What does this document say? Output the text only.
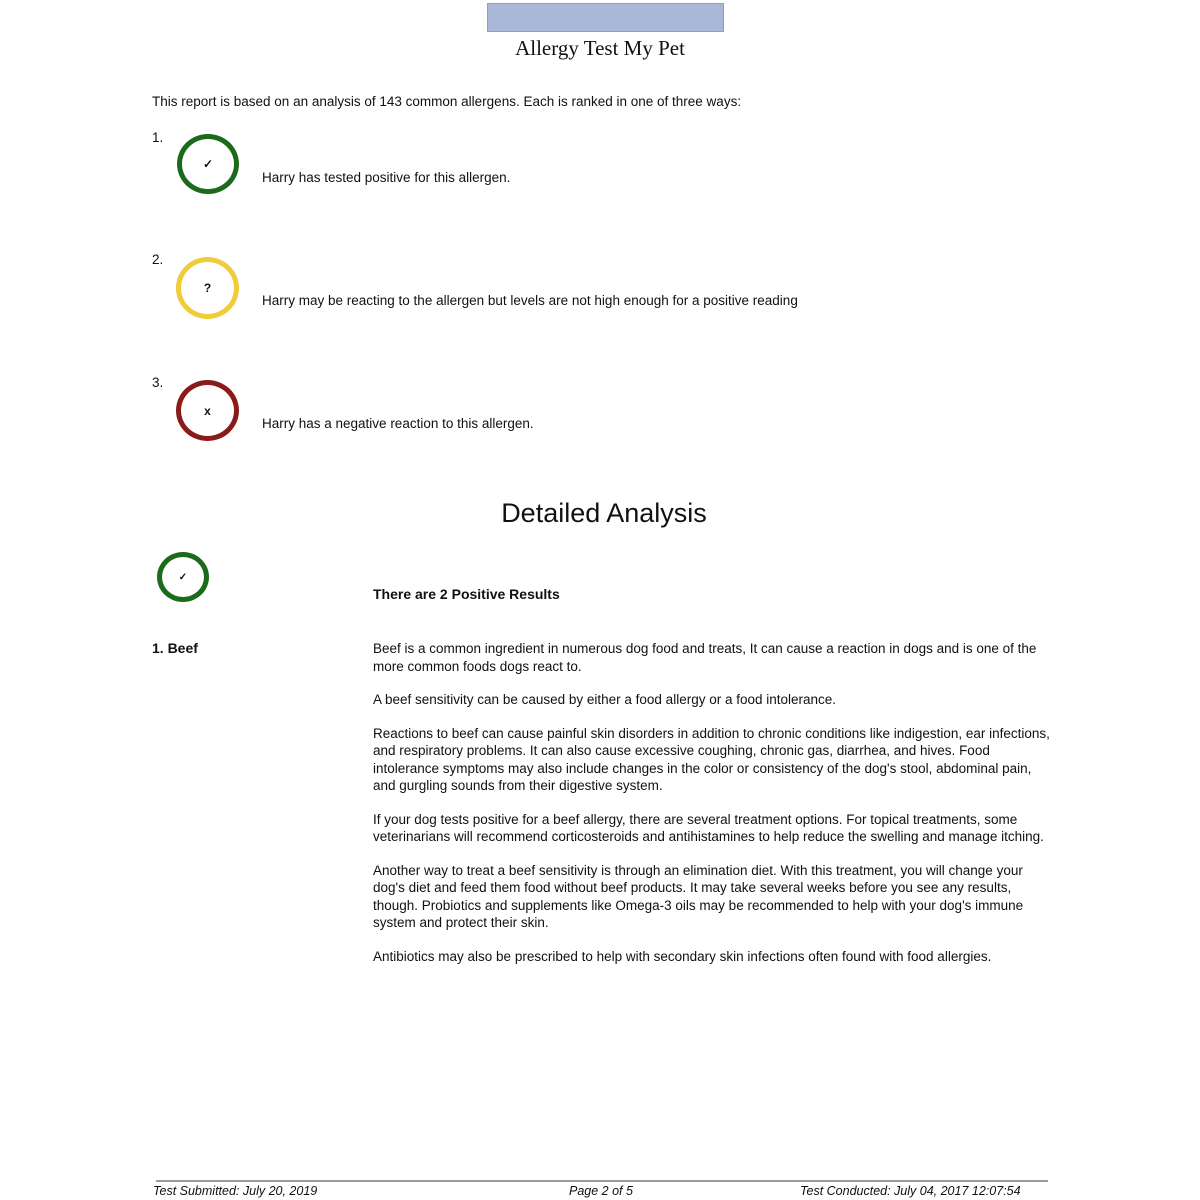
Allergy Test My Pet
This report is based on an analysis of 143 common allergens. Each is ranked in one of three ways:
1.
✓
Harry has tested positive for this allergen.
2.
?
Harry may be reacting to the allergen but levels are not high enough for a positive reading
3.
x
Harry has a negative reaction to this allergen.
Detailed Analysis
✓
There are 2 Positive Results
1. Beef	Beef is a common ingredient in numerous dog food and treats, It can cause a reaction in dogs and is one of the more common foods dogs react to.

A beef sensitivity can be caused by either a food allergy or a food intolerance.

Reactions to beef can cause painful skin disorders in addition to chronic conditions like indigestion, ear infections, and respiratory problems. It can also cause excessive coughing, chronic gas, diarrhea, and hives. Food intolerance symptoms may also include changes in the color or consistency of the dog's stool, abdominal pain, and gurgling sounds from their digestive system.

If your dog tests positive for a beef allergy, there are several treatment options. For topical treatments, some veterinarians will recommend corticosteroids and antihistamines to help reduce the swelling and manage itching.

Another way to treat a beef sensitivity is through an elimination diet. With this treatment, you will change your dog's diet and feed them food without beef products. It may take several weeks before you see any results, though. Probiotics and supplements like Omega-3 oils may be recommended to help with your dog's immune system and protect their skin.

Antibiotics may also be prescribed to help with secondary skin infections often found with food allergies.

Test Submitted: July 20, 2019	Page 2 of 5	Test Conducted: July 04, 2017 12:07:54
